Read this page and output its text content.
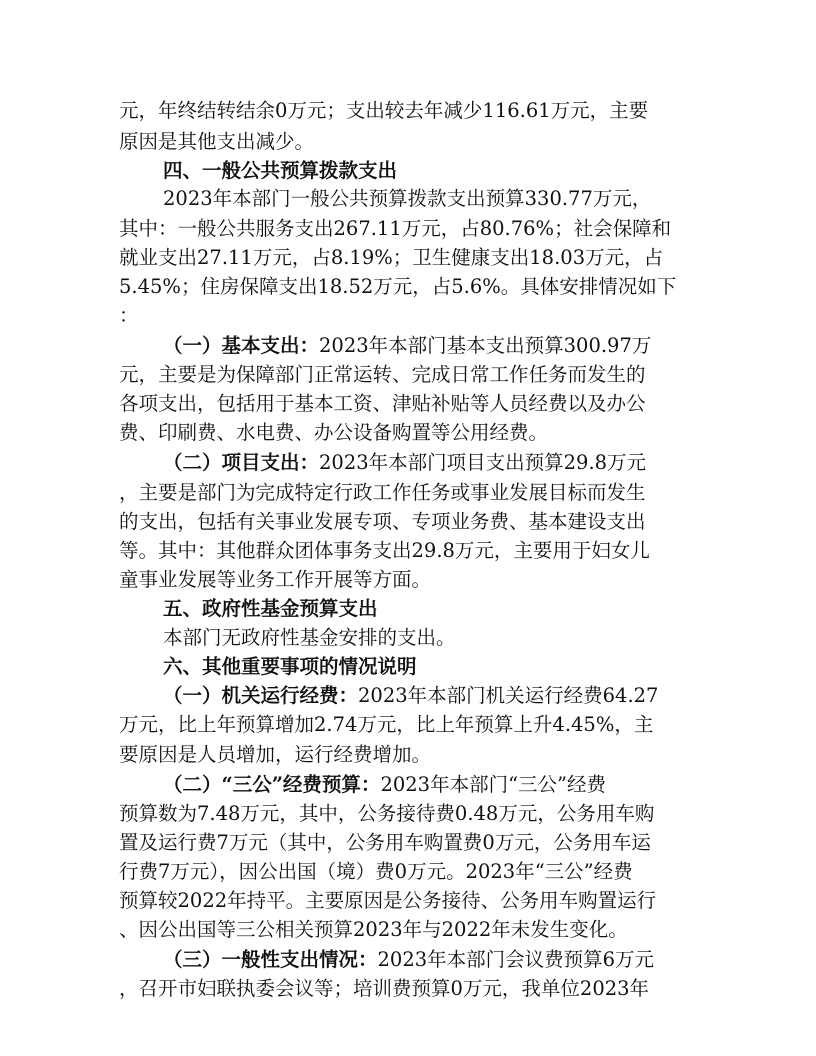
元，年终结转结余0万元；支出较去年减少116.61万元，主要
原因是其他支出减少。
四、一般公共预算拨款支出
2023年本部门一般公共预算拨款支出预算330.77万元，
其中：一般公共服务支出267.11万元，占80.76%；社会保障和
就业支出27.11万元，占8.19%；卫生健康支出18.03万元，占
5.45%；住房保障支出18.52万元，占5.6%。具体安排情况如下
：
（一）基本支出：2023年本部门基本支出预算300.97万
元，主要是为保障部门正常运转、完成日常工作任务而发生的
各项支出，包括用于基本工资、津贴补贴等人员经费以及办公
费、印刷费、水电费、办公设备购置等公用经费。
（二）项目支出：2023年本部门项目支出预算29.8万元
，主要是部门为完成特定行政工作任务或事业发展目标而发生
的支出，包括有关事业发展专项、专项业务费、基本建设支出
等。其中：其他群众团体事务支出29.8万元，主要用于妇女儿
童事业发展等业务工作开展等方面。
五、政府性基金预算支出
本部门无政府性基金安排的支出。
六、其他重要事项的情况说明
（一）机关运行经费：2023年本部门机关运行经费64.27
万元，比上年预算增加2.74万元，比上年预算上升4.45%，主
要原因是人员增加，运行经费增加。
（二）“三公”经费预算：2023年本部门“三公”经费
预算数为7.48万元，其中，公务接待费0.48万元，公务用车购
置及运行费7万元（其中，公务用车购置费0万元，公务用车运
行费7万元），因公出国（境）费0万元。2023年“三公”经费
预算较2022年持平。主要原因是公务接待、公务用车购置运行
、因公出国等三公相关预算2023年与2022年未发生变化。
（三）一般性支出情况：2023年本部门会议费预算6万元
，召开市妇联执委会议等；培训费预算0万元，我单位2023年
